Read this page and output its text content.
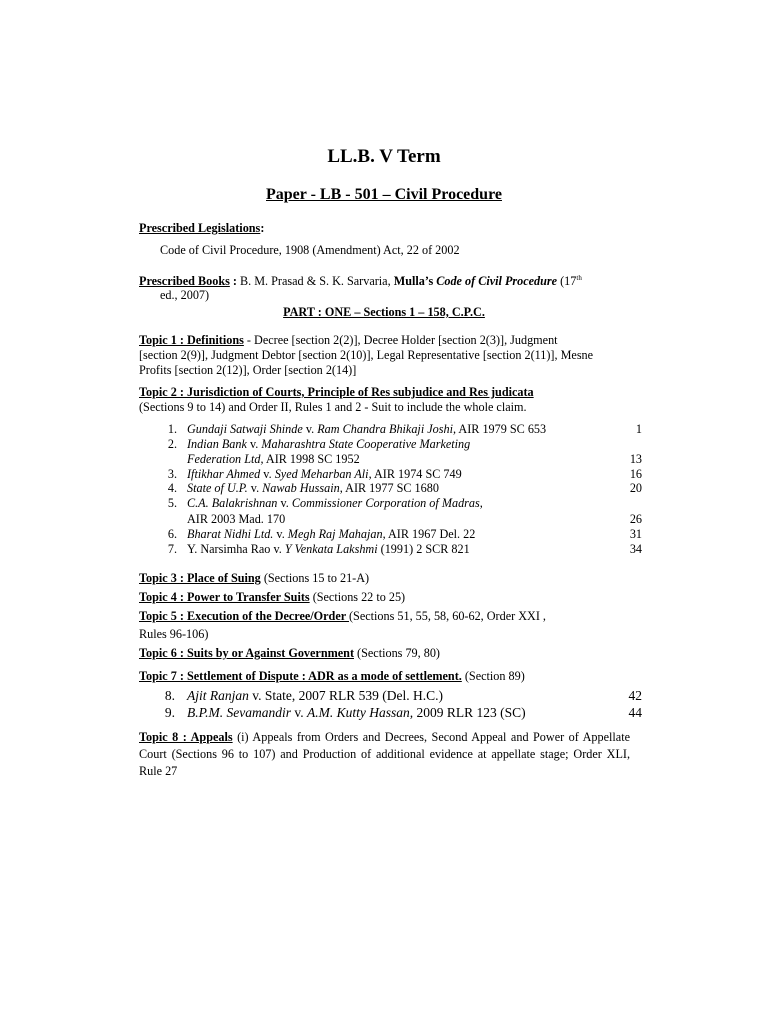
LL.B. V Term
Paper - LB - 501 – Civil Procedure
Prescribed Legislations:
Code of Civil Procedure, 1908 (Amendment) Act, 22 of 2002
Prescribed Books : B. M. Prasad & S. K. Sarvaria, Mulla’s Code of Civil Procedure (17th
ed., 2007)
PART : ONE – Sections 1 – 158, C.P.C.
Topic 1 : Definitions - Decree [section 2(2)], Decree Holder [section 2(3)], Judgment
[section 2(9)], Judgment Debtor [section 2(10)], Legal Representative [section 2(11)], Mesne
Profits [section 2(12)], Order [section 2(14)]
Topic 2 : Jurisdiction of Courts, Principle of Res subjudice and Res judicata
(Sections 9 to 14) and Order II, Rules 1 and 2 - Suit to include the whole claim.
1. Gundaji Satwaji Shinde v. Ram Chandra Bhikaji Joshi, AIR 1979 SC 653	1
2. Indian Bank v. Maharashtra State Cooperative Marketing
Federation Ltd, AIR 1998 SC 1952	13
3. Iftikhar Ahmed v. Syed Meharban Ali, AIR 1974 SC 749	16
4. State of U.P. v. Nawab Hussain, AIR 1977 SC 1680	20
5. C.A. Balakrishnan v. Commissioner Corporation of Madras,
AIR 2003 Mad. 170	26
6. Bharat Nidhi Ltd. v. Megh Raj Mahajan, AIR 1967 Del. 22	31
7. Y. Narsimha Rao v. Y Venkata Lakshmi (1991) 2 SCR 821	34
Topic 3 : Place of Suing (Sections 15 to 21-A)
Topic 4 : Power to Transfer Suits (Sections 22 to 25)
Topic 5 : Execution of the Decree/Order (Sections 51, 55, 58, 60-62, Order XXI ,
Rules 96-106)
Topic 6 : Suits by or Against Government (Sections 79, 80)
Topic 7 : Settlement of Dispute : ADR as a mode of settlement. (Section 89)
8. Ajit Ranjan v. State, 2007 RLR 539 (Del. H.C.)	42
9. B.P.M. Sevamandir v. A.M. Kutty Hassan, 2009 RLR 123 (SC)	44
Topic 8 : Appeals (i) Appeals from Orders and Decrees, Second Appeal and Power of Appellate Court (Sections 96 to 107) and Production of additional evidence at appellate stage; Order XLI, Rule 27
